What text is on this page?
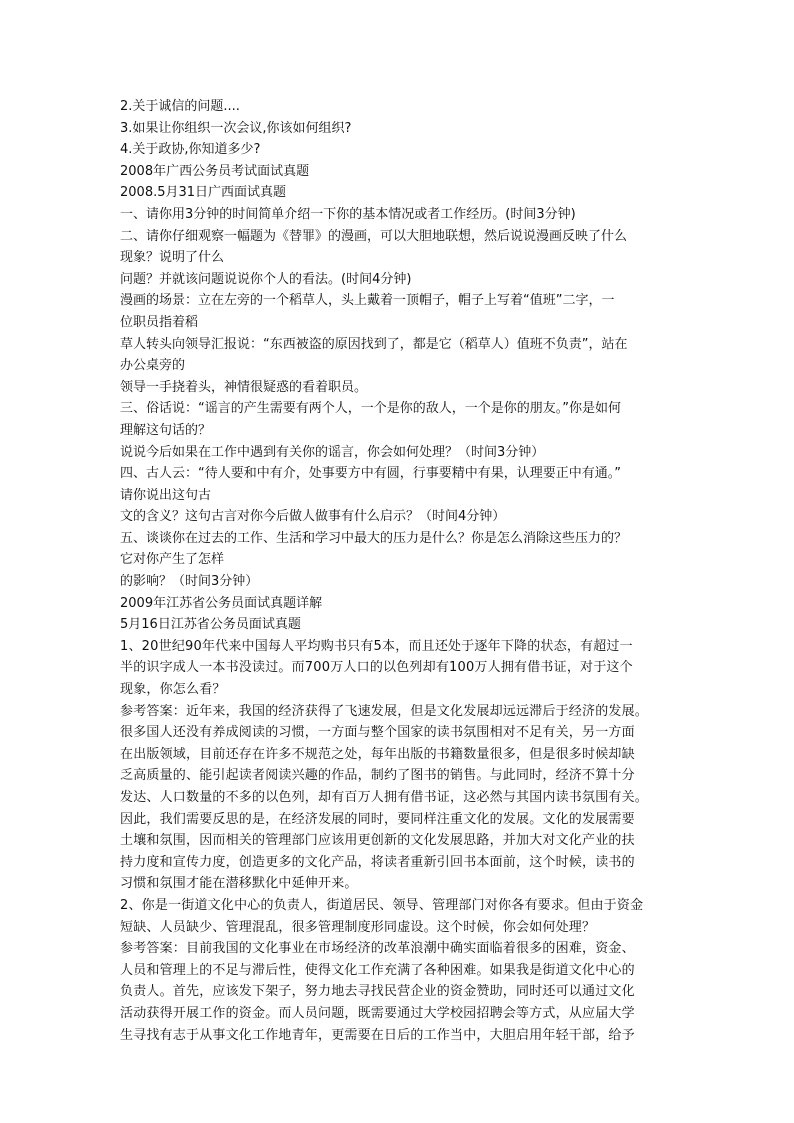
2.关于诚信的问题....
3.如果让你组织一次会议,你该如何组织?
4.关于政协,你知道多少?
2008年广西公务员考试面试真题
2008.5月31日广西面试真题
一、请你用3分钟的时间简单介绍一下你的基本情况或者工作经历。(时间3分钟)
二、请你仔细观察一幅题为《替罪》的漫画，可以大胆地联想，然后说说漫画反映了什么
现象？说明了什么
问题？并就该问题说说你个人的看法。(时间4分钟)
漫画的场景：立在左旁的一个稻草人，头上戴着一顶帽子，帽子上写着“值班”二字，一
位职员指着稻
草人转头向领导汇报说：“东西被盗的原因找到了，都是它（稻草人）值班不负责”，站在
办公桌旁的
领导一手挠着头，神情很疑惑的看着职员。
三、俗话说：“谣言的产生需要有两个人，一个是你的敌人，一个是你的朋友。”你是如何
理解这句话的？
说说今后如果在工作中遇到有关你的谣言，你会如何处理？（时间3分钟）
四、古人云：“待人要和中有介，处事要方中有圆，行事要精中有果，认理要正中有通。”
请你说出这句古
文的含义？这句古言对你今后做人做事有什么启示？（时间4分钟）
五、谈谈你在过去的工作、生活和学习中最大的压力是什么？你是怎么消除这些压力的？
它对你产生了怎样
的影响？（时间3分钟）
2009年江苏省公务员面试真题详解
5月16日江苏省公务员面试真题
1、20世纪90年代来中国每人平均购书只有5本，而且还处于逐年下降的状态，有超过一
半的识字成人一本书没读过。而700万人口的以色列却有100万人拥有借书证，对于这个
现象，你怎么看？
参考答案：近年来，我国的经济获得了飞速发展，但是文化发展却远远滞后于经济的发展。
很多国人还没有养成阅读的习惯，一方面与整个国家的读书氛围相对不足有关，另一方面
在出版领域，目前还存在许多不规范之处，每年出版的书籍数量很多，但是很多时候却缺
乏高质量的、能引起读者阅读兴趣的作品，制约了图书的销售。与此同时，经济不算十分
发达、人口数量的不多的以色列，却有百万人拥有借书证，这必然与其国内读书氛围有关。
因此，我们需要反思的是，在经济发展的同时，要同样注重文化的发展。文化的发展需要
土壤和氛围，因而相关的管理部门应该用更创新的文化发展思路，并加大对文化产业的扶
持力度和宣传力度，创造更多的文化产品，将读者重新引回书本面前，这个时候，读书的
习惯和氛围才能在潜移默化中延伸开来。
2、你是一街道文化中心的负责人，街道居民、领导、管理部门对你各有要求。但由于资金
短缺、人员缺少、管理混乱，很多管理制度形同虚设。这个时候，你会如何处理？
参考答案：目前我国的文化事业在市场经济的改革浪潮中确实面临着很多的困难，资金、
人员和管理上的不足与滞后性，使得文化工作充满了各种困难。如果我是街道文化中心的
负责人。首先，应该发下架子，努力地去寻找民营企业的资金赞助，同时还可以通过文化
活动获得开展工作的资金。而人员问题，既需要通过大学校园招聘会等方式，从应届大学
生寻找有志于从事文化工作地青年，更需要在日后的工作当中，大胆启用年轻干部，给予
